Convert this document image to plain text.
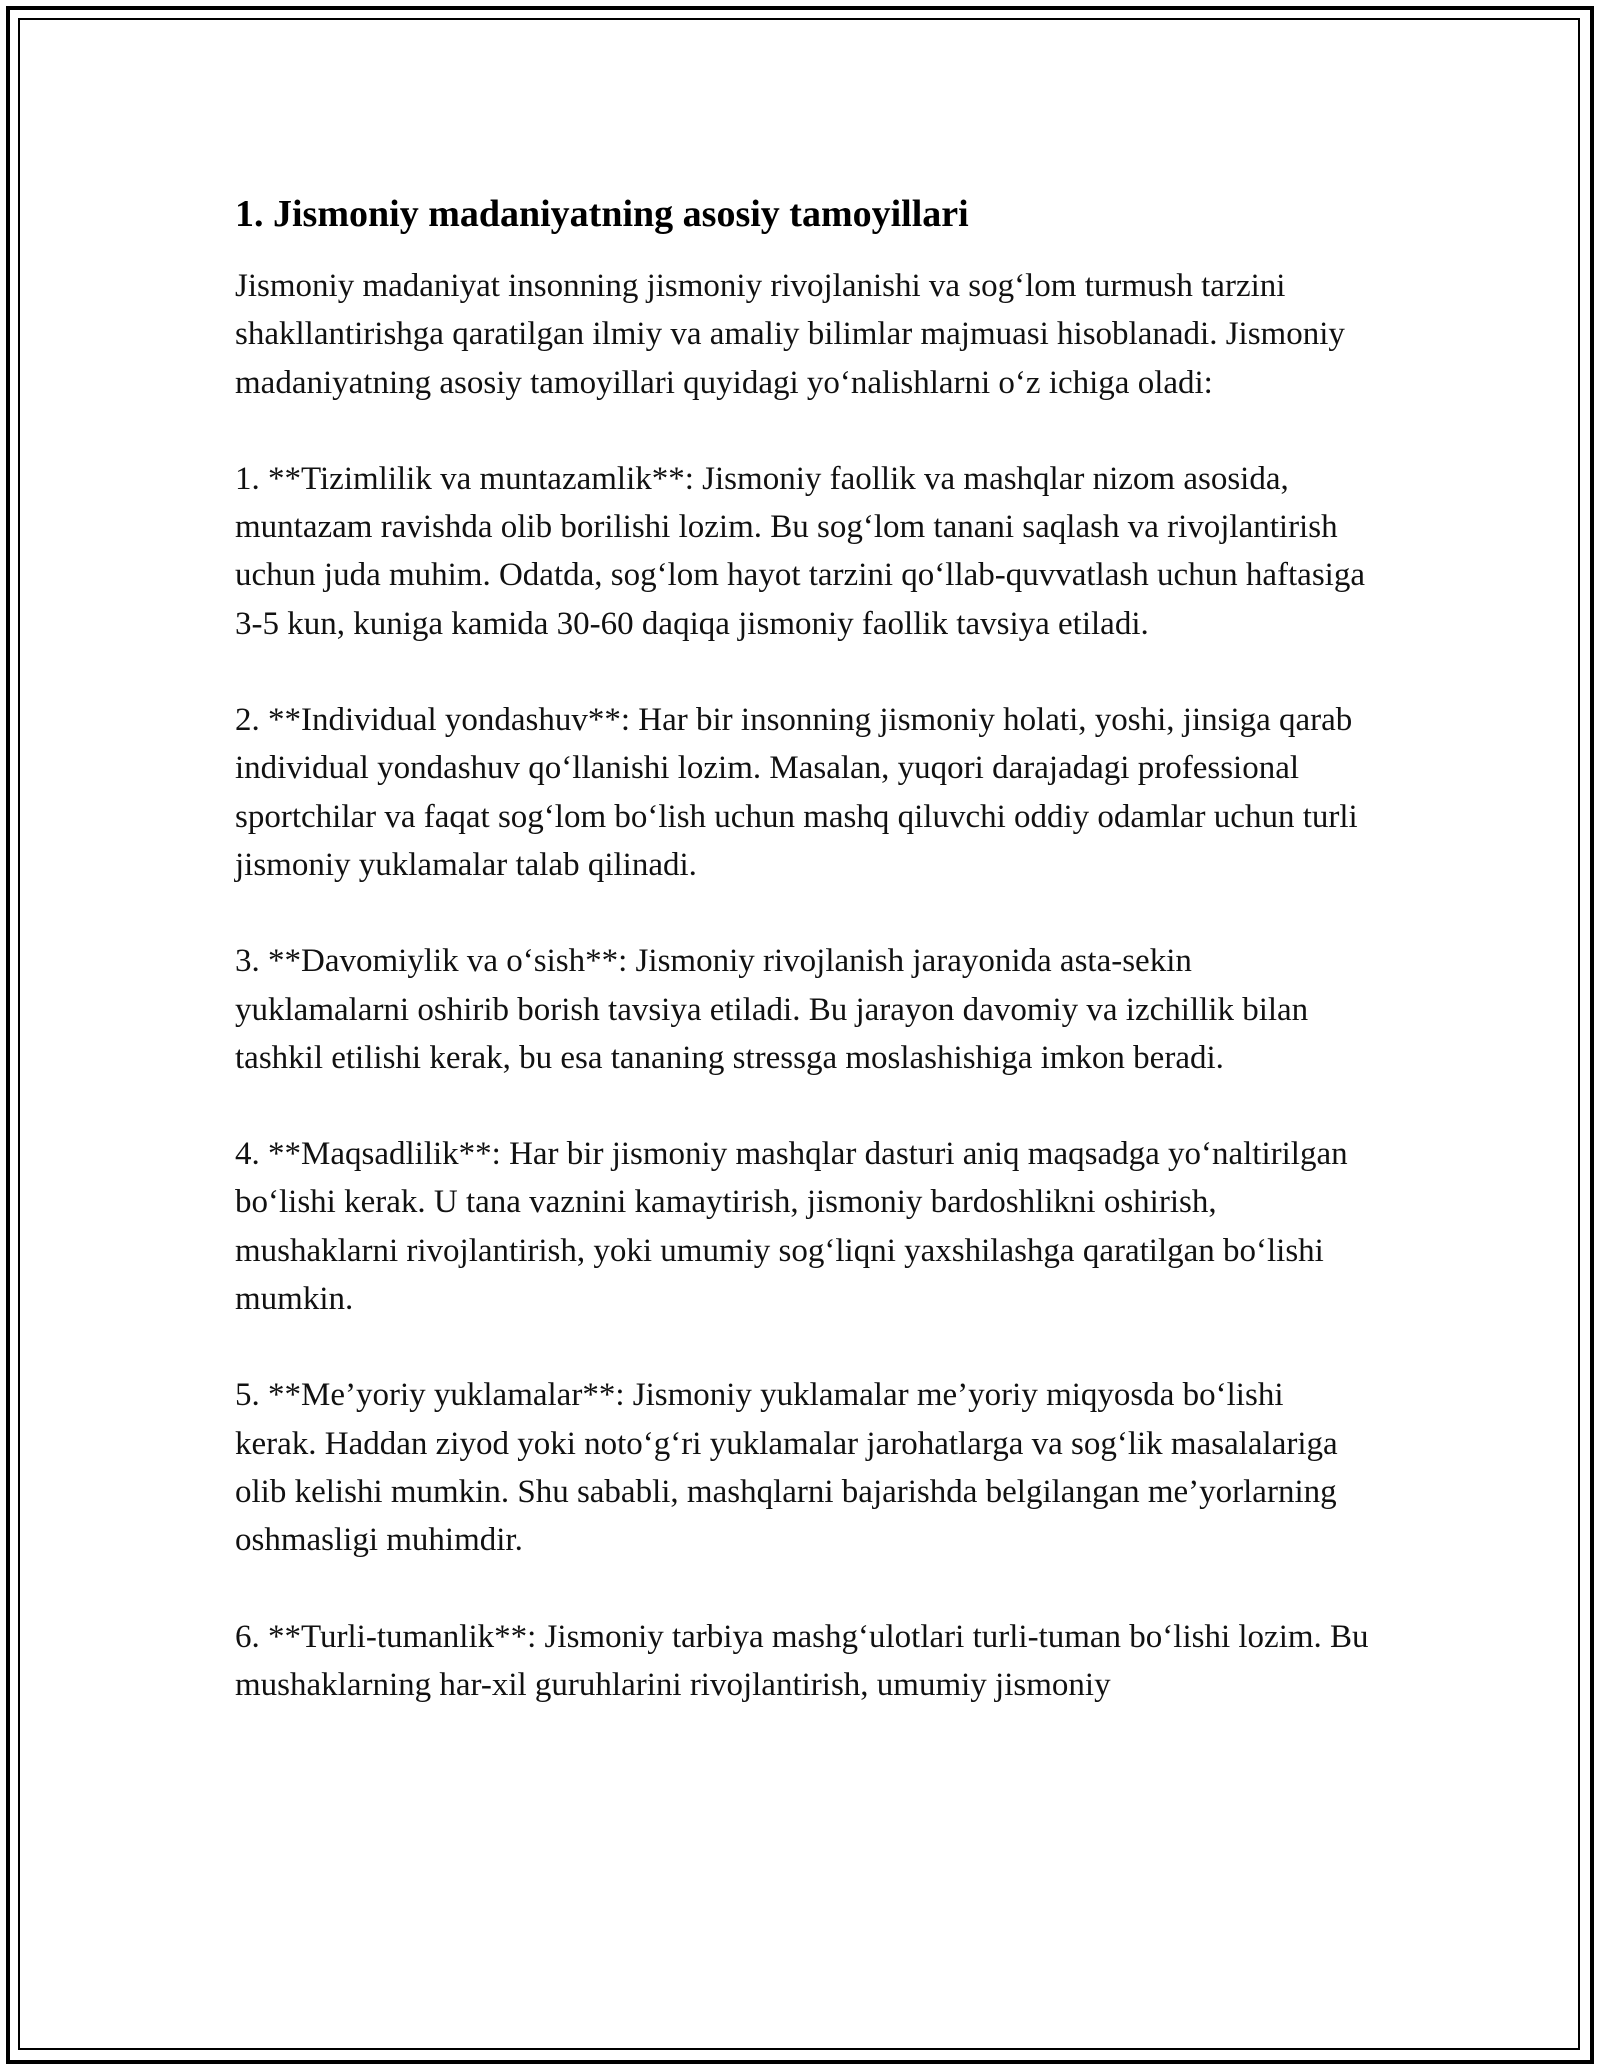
1. Jismoniy madaniyatning asosiy tamoyillari

Jismoniy madaniyat insonning jismoniy rivojlanishi va sog‘lom turmush tarzini shakllantirishga qaratilgan ilmiy va amaliy bilimlar majmuasi hisoblanadi. Jismoniy madaniyatning asosiy tamoyillari quyidagi yo‘nalishlarni o‘z ichiga oladi:

1. **Tizimlilik va muntazamlik**: Jismoniy faollik va mashqlar nizom asosida, muntazam ravishda olib borilishi lozim. Bu sog‘lom tanani saqlash va rivojlantirish uchun juda muhim. Odatda, sog‘lom hayot tarzini qo‘llab-quvvatlash uchun haftasiga 3-5 kun, kuniga kamida 30-60 daqiqa jismoniy faollik tavsiya etiladi.

2. **Individual yondashuv**: Har bir insonning jismoniy holati, yoshi, jinsiga qarab individual yondashuv qo‘llanishi lozim. Masalan, yuqori darajadagi professional sportchilar va faqat sog‘lom bo‘lish uchun mashq qiluvchi oddiy odamlar uchun turli jismoniy yuklamalar talab qilinadi.

3. **Davomiylik va o‘sish**: Jismoniy rivojlanish jarayonida asta-sekin yuklamalarni oshirib borish tavsiya etiladi. Bu jarayon davomiy va izchillik bilan tashkil etilishi kerak, bu esa tananing stressga moslashishiga imkon beradi.

4. **Maqsadlilik**: Har bir jismoniy mashqlar dasturi aniq maqsadga yo‘naltirilgan bo‘lishi kerak. U tana vaznini kamaytirish, jismoniy bardoshlikni oshirish, mushaklarni rivojlantirish, yoki umumiy sog‘liqni yaxshilashga qaratilgan bo‘lishi mumkin.

5. **Me’yoriy yuklamalar**: Jismoniy yuklamalar me’yoriy miqyosda bo‘lishi kerak. Haddan ziyod yoki noto‘g‘ri yuklamalar jarohatlarga va sog‘lik masalalariga olib kelishi mumkin. Shu sababli, mashqlarni bajarishda belgilangan me’yorlarning oshmasligi muhimdir.

6. **Turli-tumanlik**: Jismoniy tarbiya mashg‘ulotlari turli-tuman bo‘lishi lozim. Bu mushaklarning har-xil guruhlarini rivojlantirish, umumiy jismoniy
